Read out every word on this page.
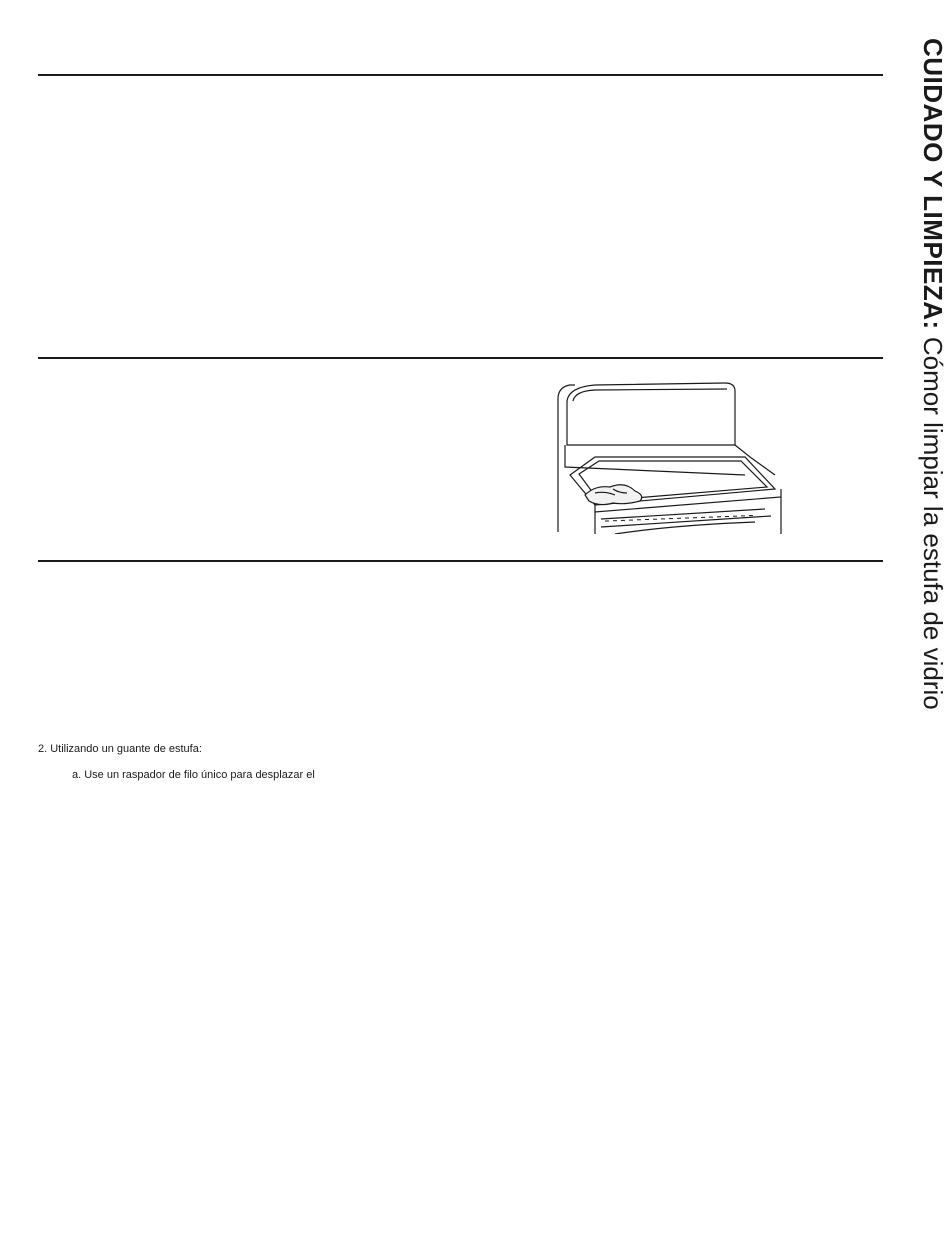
2. Utilizando un guante de estufa:
a. Use un raspador de filo único para desplazar el
CUIDADO Y LIMPIEZA: Cómor limpiar la estufa de vidrio
